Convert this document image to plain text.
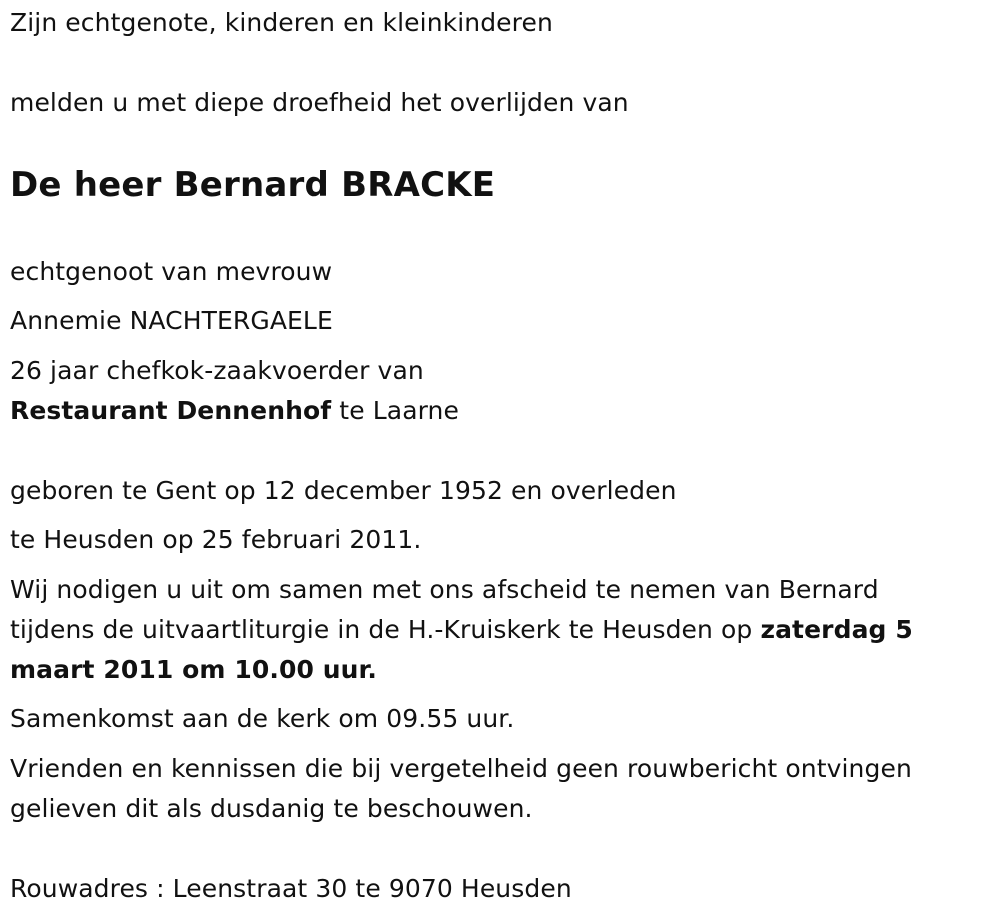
Zijn echtgenote, kinderen en kleinkinderen
melden u met diepe droefheid het overlijden van
De heer Bernard BRACKE
echtgenoot van mevrouw
Annemie NACHTERGAELE
26 jaar chefkok-zaakvoerder van
Restaurant Dennenhof te Laarne
geboren te Gent op 12 december 1952 en overleden
te Heusden op 25 februari 2011.
Wij nodigen u uit om samen met ons afscheid te nemen van Bernard
tijdens de uitvaartliturgie in de H.-Kruiskerk te Heusden op zaterdag 5
maart 2011 om 10.00 uur.
Samenkomst aan de kerk om 09.55 uur.
Vrienden en kennissen die bij vergetelheid geen rouwbericht ontvingen
gelieven dit als dusdanig te beschouwen.
Rouwadres : Leenstraat 30 te 9070 Heusden
